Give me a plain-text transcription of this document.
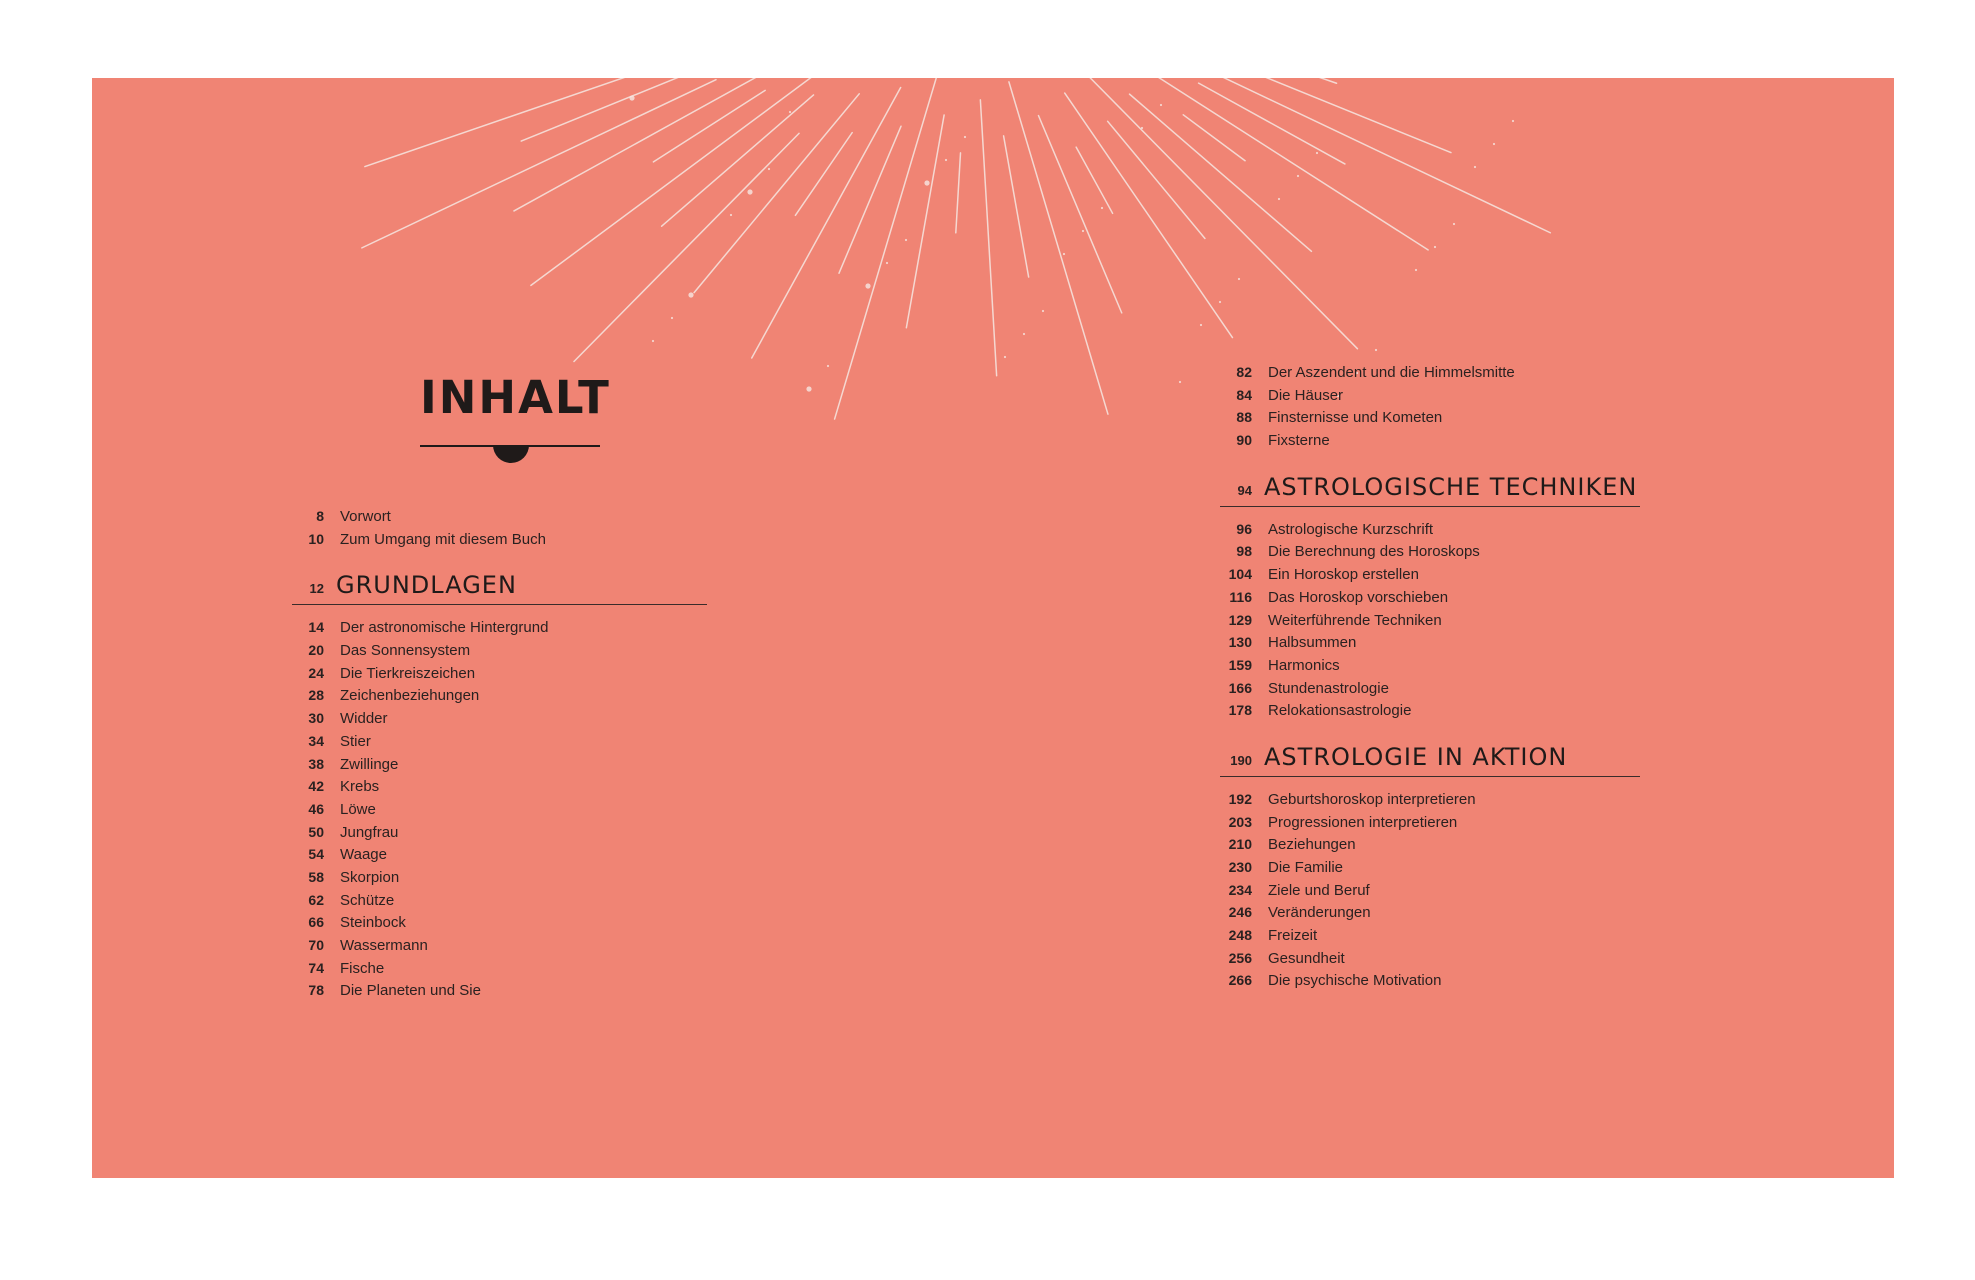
INHALT
8 Vorwort
10 Zum Umgang mit diesem Buch
12 GRUNDLAGEN
14 Der astronomische Hintergrund
20 Das Sonnensystem
24 Die Tierkreiszeichen
28 Zeichenbeziehungen
30 Widder
34 Stier
38 Zwillinge
42 Krebs
46 Löwe
50 Jungfrau
54 Waage
58 Skorpion
62 Schütze
66 Steinbock
70 Wassermann
74 Fische
78 Die Planeten und Sie
82 Der Aszendent und die Himmelsmitte
84 Die Häuser
88 Finsternisse und Kometen
90 Fixsterne
94 ASTROLOGISCHE TECHNIKEN
96 Astrologische Kurzschrift
98 Die Berechnung des Horoskops
104 Ein Horoskop erstellen
116 Das Horoskop vorschieben
129 Weiterführende Techniken
130 Halbsummen
159 Harmonics
166 Stundenastrologie
178 Relokationsastrologie
190 ASTROLOGIE IN AKTION
192 Geburtshoroskop interpretieren
203 Progressionen interpretieren
210 Beziehungen
230 Die Familie
234 Ziele und Beruf
246 Veränderungen
248 Freizeit
256 Gesundheit
266 Die psychische Motivation
